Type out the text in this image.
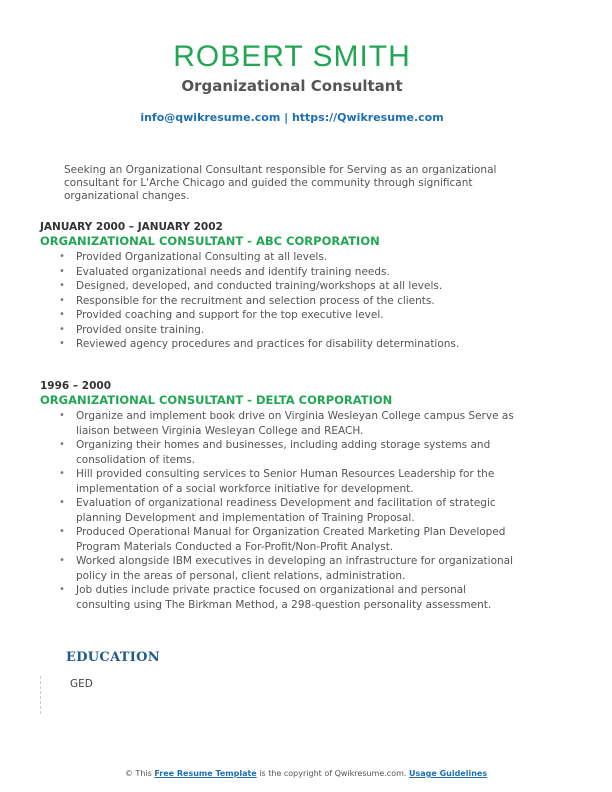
ROBERT SMITH
Organizational Consultant
info@qwikresume.com | https://Qwikresume.com
Seeking an Organizational Consultant responsible for Serving as an organizational consultant for L'Arche Chicago and guided the community through significant organizational changes.
JANUARY 2000 – JANUARY 2002
ORGANIZATIONAL CONSULTANT - ABC CORPORATION
• Provided Organizational Consulting at all levels.
• Evaluated organizational needs and identify training needs.
• Designed, developed, and conducted training/workshops at all levels.
• Responsible for the recruitment and selection process of the clients.
• Provided coaching and support for the top executive level.
• Provided onsite training.
• Reviewed agency procedures and practices for disability determinations.
1996 – 2000
ORGANIZATIONAL CONSULTANT - DELTA CORPORATION
• Organize and implement book drive on Virginia Wesleyan College campus Serve as liaison between Virginia Wesleyan College and REACH.
• Organizing their homes and businesses, including adding storage systems and consolidation of items.
• Hill provided consulting services to Senior Human Resources Leadership for the implementation of a social workforce initiative for development.
• Evaluation of organizational readiness Development and facilitation of strategic planning Development and implementation of Training Proposal.
• Produced Operational Manual for Organization Created Marketing Plan Developed Program Materials Conducted a For-Profit/Non-Profit Analyst.
• Worked alongside IBM executives in developing an infrastructure for organizational policy in the areas of personal, client relations, administration.
• Job duties include private practice focused on organizational and personal consulting using The Birkman Method, a 298-question personality assessment.
EDUCATION
GED
© This Free Resume Template is the copyright of Qwikresume.com. Usage Guidelines
